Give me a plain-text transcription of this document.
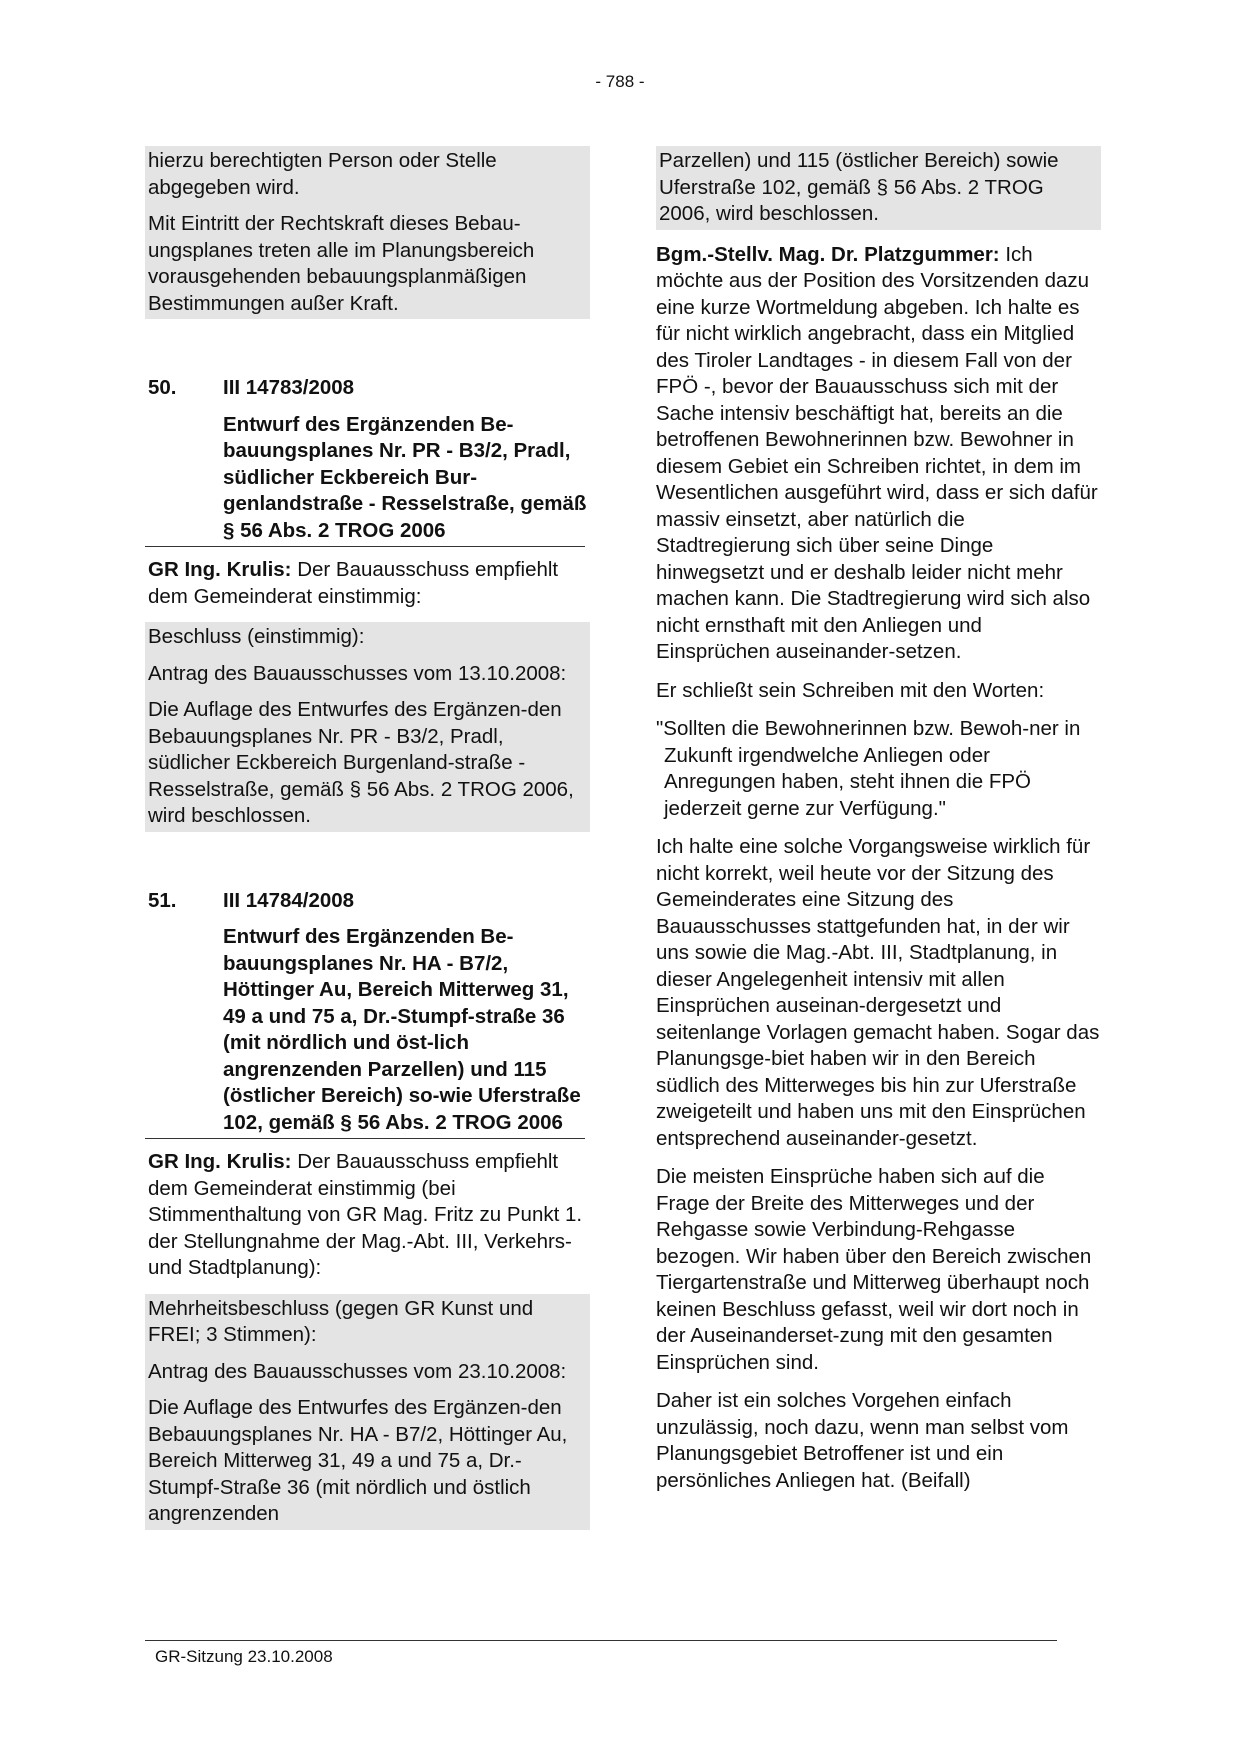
- 788 -

hierzu berechtigten Person oder Stelle abgegeben wird.

Mit Eintritt der Rechtskraft dieses Bebau-ungsplanes treten alle im Planungsbereich vorausgehenden bebauungsplanmäßigen Bestimmungen außer Kraft.

50.	III 14783/2008
Entwurf des Ergänzenden Be-bauungsplanes Nr. PR - B3/2, Pradl, südlicher Eckbereich Bur-genlandstraße - Resselstraße, gemäß § 56 Abs. 2 TROG 2006

GR Ing. Krulis: Der Bauausschuss empfiehlt dem Gemeinderat einstimmig:

Beschluss (einstimmig):

Antrag des Bauausschusses vom 13.10.2008:

Die Auflage des Entwurfes des Ergänzen-den Bebauungsplanes Nr. PR - B3/2, Pradl, südlicher Eckbereich Burgenland-straße - Resselstraße, gemäß § 56 Abs. 2 TROG 2006, wird beschlossen.

51.	III 14784/2008
Entwurf des Ergänzenden Be-bauungsplanes Nr. HA - B7/2, Höttinger Au, Bereich Mitterweg 31, 49 a und 75 a, Dr.-Stumpf-straße 36 (mit nördlich und öst-lich angrenzenden Parzellen) und 115 (östlicher Bereich) so-wie Uferstraße 102, gemäß § 56 Abs. 2 TROG 2006

GR Ing. Krulis: Der Bauausschuss empfiehlt dem Gemeinderat einstimmig (bei Stimmenthaltung von GR Mag. Fritz zu Punkt 1. der Stellungnahme der Mag.-Abt. III, Verkehrs- und Stadtplanung):

Mehrheitsbeschluss (gegen GR Kunst und FREI; 3 Stimmen):

Antrag des Bauausschusses vom 23.10.2008:

Die Auflage des Entwurfes des Ergänzen-den Bebauungsplanes Nr. HA - B7/2, Höttinger Au, Bereich Mitterweg 31, 49 a und 75 a, Dr.-Stumpf-Straße 36 (mit nördlich und östlich angrenzenden

Parzellen) und 115 (östlicher Bereich) sowie Uferstraße 102, gemäß § 56 Abs. 2 TROG 2006, wird beschlossen.

Bgm.-Stellv. Mag. Dr. Platzgummer: Ich möchte aus der Position des Vorsitzenden dazu eine kurze Wortmeldung abgeben. Ich halte es für nicht wirklich angebracht, dass ein Mitglied des Tiroler Landtages - in diesem Fall von der FPÖ -, bevor der Bauausschuss sich mit der Sache intensiv beschäftigt hat, bereits an die betroffenen Bewohnerinnen bzw. Bewohner in diesem Gebiet ein Schreiben richtet, in dem im Wesentlichen ausgeführt wird, dass er sich dafür massiv einsetzt, aber natürlich die Stadtregierung sich über seine Dinge hinwegsetzt und er deshalb leider nicht mehr machen kann. Die Stadtregierung wird sich also nicht ernsthaft mit den Anliegen und Einsprüchen auseinander-setzen.

Er schließt sein Schreiben mit den Worten:

"Sollten die Bewohnerinnen bzw. Bewoh-ner in Zukunft irgendwelche Anliegen oder Anregungen haben, steht ihnen die FPÖ jederzeit gerne zur Verfügung."

Ich halte eine solche Vorgangsweise wirklich für nicht korrekt, weil heute vor der Sitzung des Gemeinderates eine Sitzung des Bauausschusses stattgefunden hat, in der wir uns sowie die Mag.-Abt. III, Stadtplanung, in dieser Angelegenheit intensiv mit allen Einsprüchen auseinan-dergesetzt und seitenlange Vorlagen gemacht haben. Sogar das Planungsge-biet haben wir in den Bereich südlich des Mitterweges bis hin zur Uferstraße zweigeteilt und haben uns mit den Einsprüchen entsprechend auseinander-gesetzt.

Die meisten Einsprüche haben sich auf die Frage der Breite des Mitterweges und der Rehgasse sowie Verbindung-Rehgasse bezogen. Wir haben über den Bereich zwischen Tiergartenstraße und Mitterweg überhaupt noch keinen Beschluss gefasst, weil wir dort noch in der Auseinanderset-zung mit den gesamten Einsprüchen sind.

Daher ist ein solches Vorgehen einfach unzulässig, noch dazu, wenn man selbst vom Planungsgebiet Betroffener ist und ein persönliches Anliegen hat. (Beifall)

GR-Sitzung 23.10.2008
